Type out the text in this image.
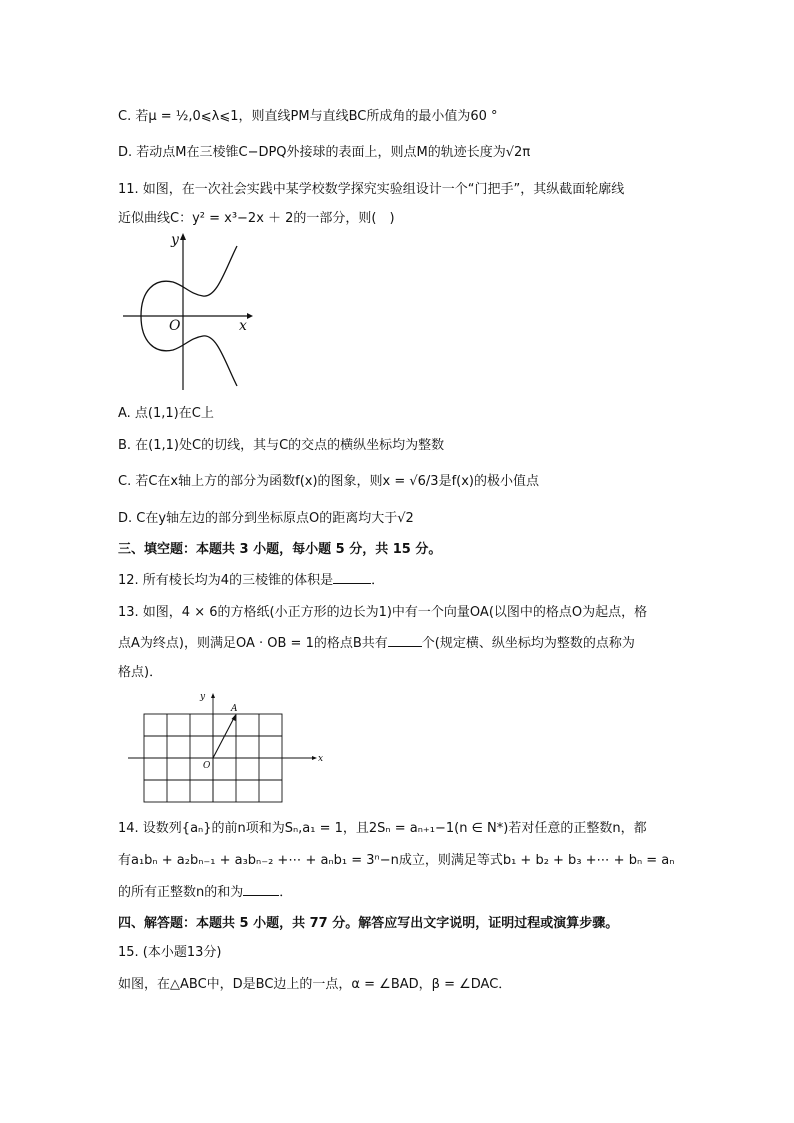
C. 若μ = ½,0⩽λ⩽1，则直线PM与直线BC所成角的最小值为60 °
D. 若动点M在三棱锥C−DPQ外接球的表面上，则点M的轨迹长度为√2π
11. 如图，在一次社会实践中某学校数学探究实验组设计一个“门把手”，其纵截面轮廓线
近似曲线C：y² = x³−2x ＋ 2的一部分，则(　)
y
x
O
A. 点(1,1)在C上
B. 在(1,1)处C的切线，其与C的交点的横纵坐标均为整数
C. 若C在x轴上方的部分为函数f(x)的图象，则x = √6/3是f(x)的极小值点
D. C在y轴左边的部分到坐标原点O的距离均大于√2
三、填空题：本题共 3 小题，每小题 5 分，共 15 分。
12. 所有棱长均为4的三棱锥的体积是	．
13. 如图，4 × 6的方格纸(小正方形的边长为1)中有一个向量OA(以图中的格点O为起点，格
点A为终点)，则满足OA · OB = 1的格点B共有	个(规定横、纵坐标均为整数的点称为
格点)．
y
x
O
A
14. 设数列{aₙ}的前n项和为Sₙ,a₁ = 1，且2Sₙ = aₙ₊₁−1(n ∈ N*)若对任意的正整数n，都
有a₁bₙ + a₂bₙ₋₁ + a₃bₙ₋₂ +⋯ + aₙb₁ = 3ⁿ−n成立，则满足等式b₁ + b₂ + b₃ +⋯ + bₙ = aₙ
的所有正整数n的和为	．
四、解答题：本题共 5 小题，共 77 分。解答应写出文字说明，证明过程或演算步骤。
15. (本小题13分)
如图，在△ABC中，D是BC边上的一点，α = ∠BAD，β = ∠DAC．
